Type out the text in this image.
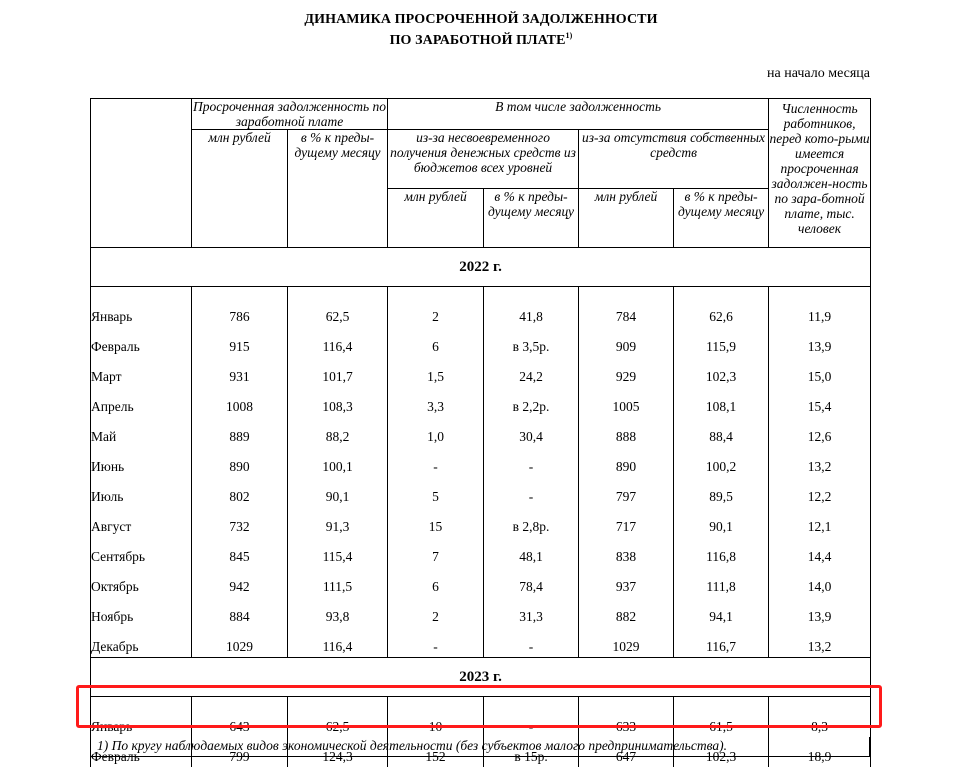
ДИНАМИКА ПРОСРОЧЕННОЙ ЗАДОЛЖЕННОСТИ
ПО ЗАРАБОТНОЙ ПЛАТЕ$^{1)}$
на начало месяца
	Просроченная задолженность по заработной плате		В том числе задолженность				Численность работников, перед кото-рыми имеется просроченная задолжен-ность по зара-ботной плате, тыс. человек
	млн рублей	в % к преды-дущему месяцу	из-за несвоевременного получения денежных средств из бюджетов всех уровней		из-за отсутствия собственных средств		
			млн рублей	в % к преды-дущему месяцу	млн рублей	в % к преды-дущему месяцу	
2022 г.							
Январь	786	62,5	2	41,8	784	62,6	11,9
Февраль	915	116,4	6	в 3,5р.	909	115,9	13,9
Март	931	101,7	1,5	24,2	929	102,3	15,0
Апрель	1008	108,3	3,3	в 2,2р.	1005	108,1	15,4
Май	889	88,2	1,0	30,4	888	88,4	12,6
Июнь	890	100,1	-	-	890	100,2	13,2
Июль	802	90,1	5	-	797	89,5	12,2
Август	732	91,3	15	в 2,8р.	717	90,1	12,1
Сентябрь	845	115,4	7	48,1	838	116,8	14,4
Октябрь	942	111,5	6	78,4	937	111,8	14,0
Ноябрь	884	93,8	2	31,3	882	94,1	13,9
Декабрь	1029	116,4	-	-	1029	116,7	13,2
2023 г.							
Январь	643	62,5	10	-	633	61,5	8,3
Февраль	799	124,3	152	в 15р.	647	102,3	18,9
1) По кругу наблюдаемых видов экономической деятельности (без субъектов малого предпринимательства).
